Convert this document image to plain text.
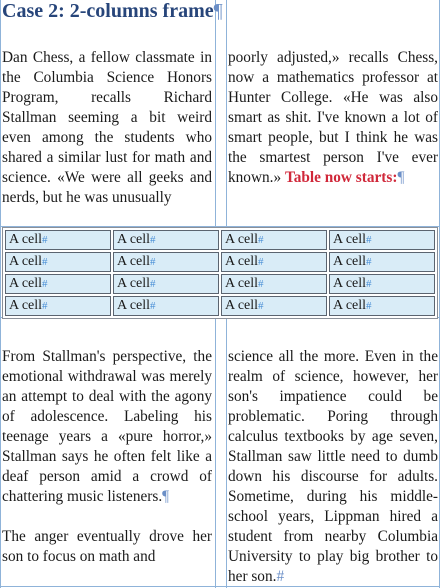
Case 2: 2-columns frame¶

Dan Chess, a fellow classmate in the Columbia Science Honors Program, recalls Richard Stallman seeming a bit weird even among the students who shared a similar lust for math and science. «We were all geeks and nerds, but he was unusually

poorly adjusted,» recalls Chess, now a mathematics professor at Hunter College. «He was also smart as shit. I've known a lot of smart people, but I think he was the smartest person I've ever known.» Table now starts:¶

A cell#	A cell#	A cell#	A cell#
A cell#	A cell#	A cell#	A cell#
A cell#	A cell#	A cell#	A cell#
A cell#	A cell#	A cell#	A cell#

From Stallman's perspective, the emotional withdrawal was merely an attempt to deal with the agony of adolescence. Labeling his teenage years a «pure horror,» Stallman says he often felt like a deaf person amid a crowd of chattering music listeners.¶

The anger eventually drove her son to focus on math and

science all the more. Even in the realm of science, however, her son's impatience could be problematic. Poring through calculus textbooks by age seven, Stallman saw little need to dumb down his discourse for adults. Sometime, during his middle-school years, Lippman hired a student from nearby Columbia University to play big brother to her son.#
